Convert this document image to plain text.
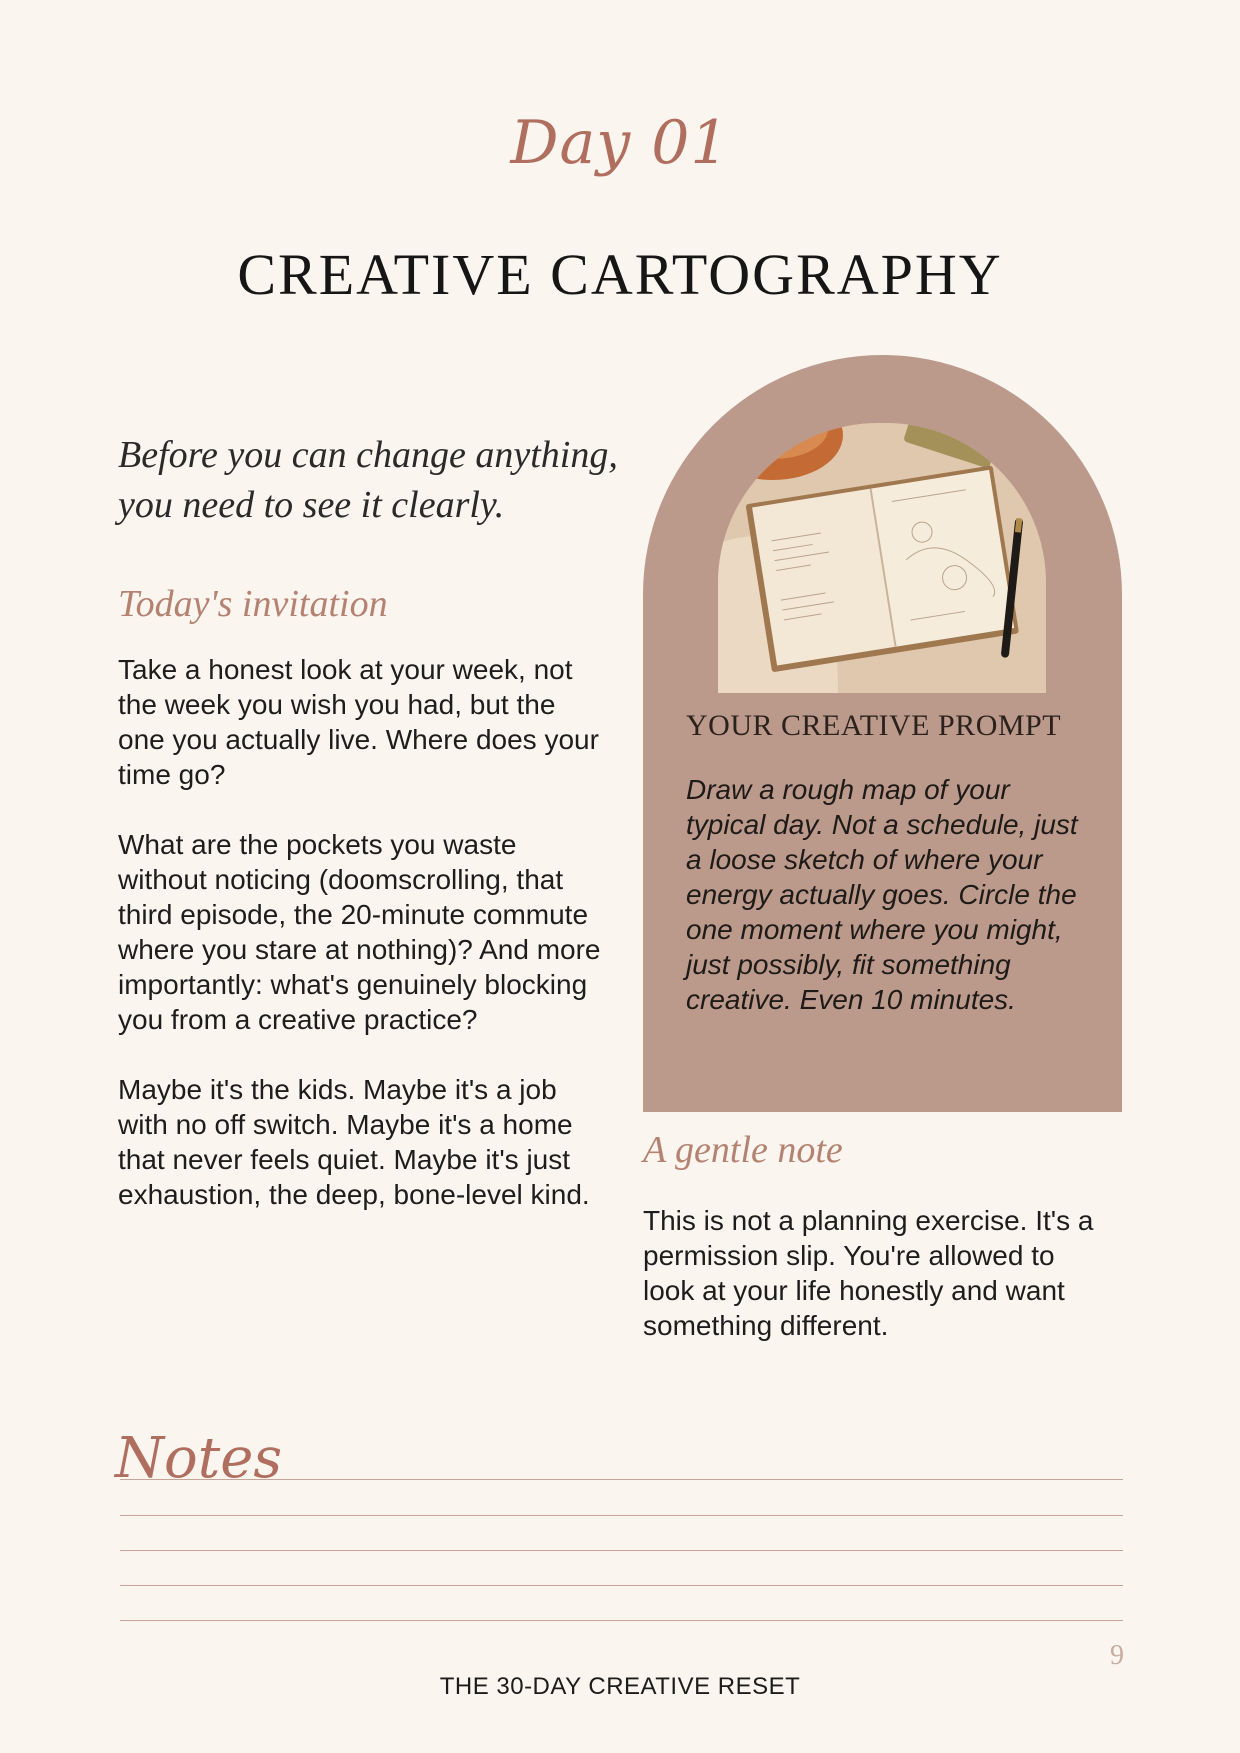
Day 01
CREATIVE CARTOGRAPHY
Before you can change anything, you need to see it clearly.
Today's invitation

Take a honest look at your week, not the week you wish you had, but the one you actually live. Where does your time go?

What are the pockets you waste without noticing (doomscrolling, that third episode, the 20-minute commute where you stare at nothing)? And more importantly: what's genuinely blocking you from a creative practice?

Maybe it's the kids. Maybe it's a job with no off switch. Maybe it's a home that never feels quiet. Maybe it's just exhaustion, the deep, bone-level kind.

YOUR CREATIVE PROMPT
Draw a rough map of your typical day. Not a schedule, just a loose sketch of where your energy actually goes. Circle the one moment where you might, just possibly, fit something creative. Even 10 minutes.
A gentle note
This is not a planning exercise. It's a permission slip. You're allowed to look at your life honestly and want something different.
Notes
9
THE 30-DAY CREATIVE RESET
